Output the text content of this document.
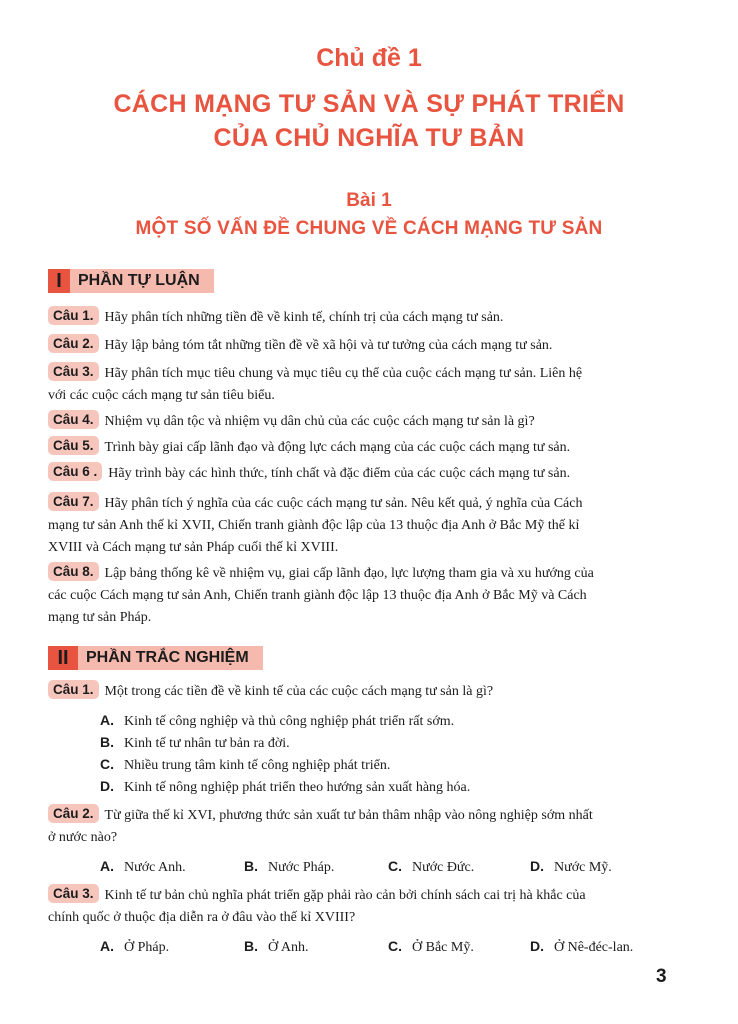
Chủ đề 1
CÁCH MẠNG TƯ SẢN VÀ SỰ PHÁT TRIỂN
CỦA CHỦ NGHĨA TƯ BẢN
Bài 1
MỘT SỐ VẤN ĐỀ CHUNG VỀ CÁCH MẠNG TƯ SẢN
I	PHẦN TỰ LUẬN
Câu 1. Hãy phân tích những tiền đề về kinh tế, chính trị của cách mạng tư sản.
Câu 2. Hãy lập bảng tóm tắt những tiền đề về xã hội và tư tưởng của cách mạng tư sản.
Câu 3. Hãy phân tích mục tiêu chung và mục tiêu cụ thể của cuộc cách mạng tư sản. Liên hệ
với các cuộc cách mạng tư sản tiêu biểu.
Câu 4. Nhiệm vụ dân tộc và nhiệm vụ dân chủ của các cuộc cách mạng tư sản là gì?
Câu 5. Trình bày giai cấp lãnh đạo và động lực cách mạng của các cuộc cách mạng tư sản.
Câu 6 . Hãy trình bày các hình thức, tính chất và đặc điểm của các cuộc cách mạng tư sản.
Câu 7. Hãy phân tích ý nghĩa của các cuộc cách mạng tư sản. Nêu kết quả, ý nghĩa của Cách
mạng tư sản Anh thế kỉ XVII, Chiến tranh giành độc lập của 13 thuộc địa Anh ở Bắc Mỹ thế kỉ
XVIII và Cách mạng tư sản Pháp cuối thế kỉ XVIII.
Câu 8. Lập bảng thống kê về nhiệm vụ, giai cấp lãnh đạo, lực lượng tham gia và xu hướng của
các cuộc Cách mạng tư sản Anh, Chiến tranh giành độc lập 13 thuộc địa Anh ở Bắc Mỹ và Cách
mạng tư sản Pháp.
II	PHẦN TRẮC NGHIỆM
Câu 1. Một trong các tiền đề về kinh tế của các cuộc cách mạng tư sản là gì?
A. Kinh tế công nghiệp và thủ công nghiệp phát triển rất sớm.
B. Kinh tế tư nhân tư bản ra đời.
C. Nhiều trung tâm kinh tế công nghiệp phát triển.
D. Kinh tế nông nghiệp phát triển theo hướng sản xuất hàng hóa.
Câu 2. Từ giữa thế kỉ XVI, phương thức sản xuất tư bản thâm nhập vào nông nghiệp sớm nhất
ở nước nào?
A. Nước Anh.	B. Nước Pháp.	C. Nước Đức.	D. Nước Mỹ.
Câu 3. Kinh tế tư bản chủ nghĩa phát triển gặp phải rào cản bởi chính sách cai trị hà khắc của
chính quốc ở thuộc địa diễn ra ở đâu vào thế kỉ XVIII?
A. Ở Pháp.	B. Ở Anh.	C. Ở Bắc Mỹ.	D. Ở Nê-đéc-lan.
3
